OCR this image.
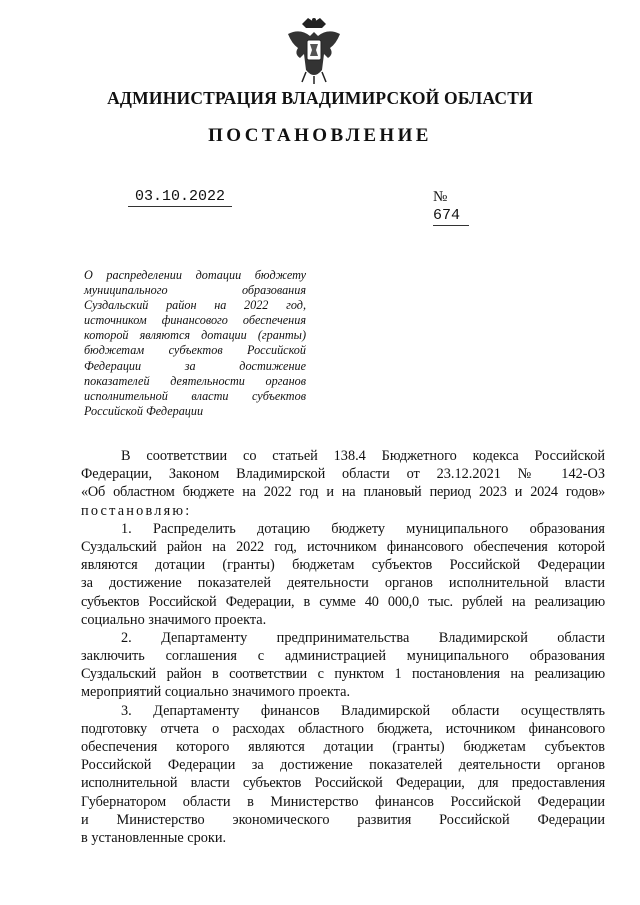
АДМИНИСТРАЦИЯ ВЛАДИМИРСКОЙ ОБЛАСТИ
ПОСТАНОВЛЕНИЕ
03.10.2022	№ 674
О распределении дотации бюджету
муниципального образования
Суздальский район на 2022 год,
источником финансового обеспечения
которой являются дотации (гранты)
бюджетам субъектов Российской
Федерации за достижение
показателей деятельности органов
исполнительной власти субъектов
Российской Федерации
В соответствии со статьей 138.4 Бюджетного кодекса Российской
Федерации, Законом Владимирской области от 23.12.2021 № 142-ОЗ
«Об областном бюджете на 2022 год и на плановый период 2023 и 2024 годов»
постановляю:
1. Распределить дотацию бюджету муниципального образования
Суздальский район на 2022 год, источником финансового обеспечения которой
являются дотации (гранты) бюджетам субъектов Российской Федерации
за достижение показателей деятельности органов исполнительной власти
субъектов Российской Федерации, в сумме 40 000,0 тыс. рублей на реализацию
социально значимого проекта.
2. Департаменту предпринимательства Владимирской области
заключить соглашения с администрацией муниципального образования
Суздальский район в соответствии с пунктом 1 постановления на реализацию
мероприятий социально значимого проекта.
3. Департаменту финансов Владимирской области осуществлять
подготовку отчета о расходах областного бюджета, источником финансового
обеспечения которого являются дотации (гранты) бюджетам субъектов
Российской Федерации за достижение показателей деятельности органов
исполнительной власти субъектов Российской Федерации, для предоставления
Губернатором области в Министерство финансов Российской Федерации
и Министерство экономического развития Российской Федерации
в установленные сроки.
